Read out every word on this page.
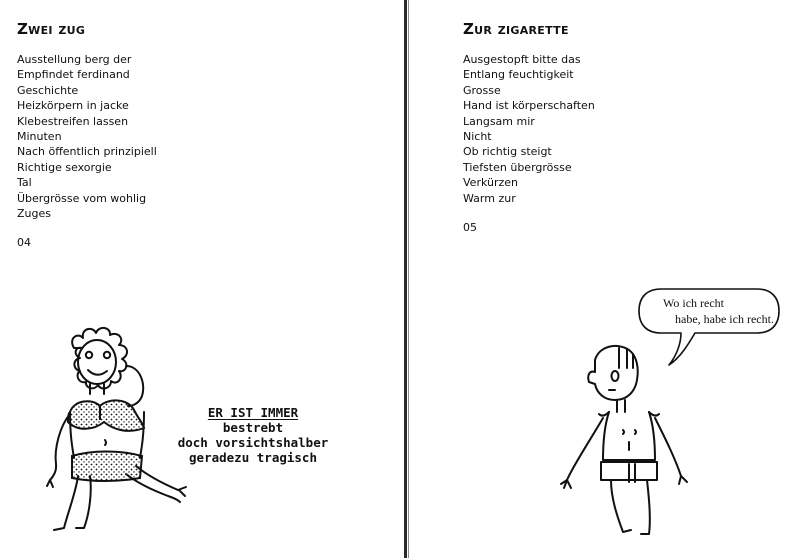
Zwei zug
Ausstellung berg der
Empfindet ferdinand
Geschichte
Heizkörpern in jacke
Klebestreifen lassen
Minuten
Nach öffentlich prinzipiell
Richtige sexorgie
Tal
Übergrösse vom wohlig
Zuges
04
ER IST IMMER
bestrebt
doch vorsichtshalber
geradezu tragisch
Zur zigarette
Ausgestopft bitte das
Entlang feuchtigkeit
Grosse
Hand ist körperschaften
Langsam mir
Nicht
Ob richtig steigt
Tiefsten übergrösse
Verkürzen
Warm zur
05
Wo ich recht
habe, habe ich recht.
